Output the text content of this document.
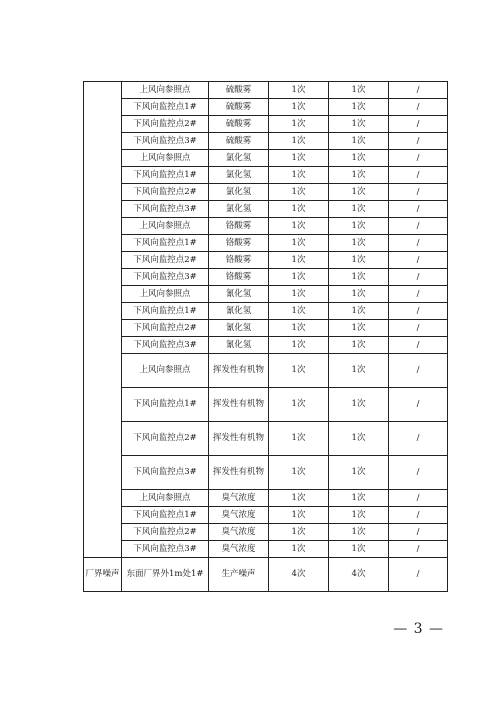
	上风向参照点	硫酸雾	1次	1次	/
	下风向监控点1#	硫酸雾	1次	1次	/
	下风向监控点2#	硫酸雾	1次	1次	/
	下风向监控点3#	硫酸雾	1次	1次	/
	上风向参照点	氯化氢	1次	1次	/
	下风向监控点1#	氯化氢	1次	1次	/
	下风向监控点2#	氯化氢	1次	1次	/
	下风向监控点3#	氯化氢	1次	1次	/
	上风向参照点	铬酸雾	1次	1次	/
	下风向监控点1#	铬酸雾	1次	1次	/
	下风向监控点2#	铬酸雾	1次	1次	/
	下风向监控点3#	铬酸雾	1次	1次	/
	上风向参照点	氰化氢	1次	1次	/
	下风向监控点1#	氰化氢	1次	1次	/
	下风向监控点2#	氰化氢	1次	1次	/
	下风向监控点3#	氰化氢	1次	1次	/
	上风向参照点	挥发性有机物	1次	1次	/
	下风向监控点1#	挥发性有机物	1次	1次	/
	下风向监控点2#	挥发性有机物	1次	1次	/
	下风向监控点3#	挥发性有机物	1次	1次	/
	上风向参照点	臭气浓度	1次	1次	/
	下风向监控点1#	臭气浓度	1次	1次	/
	下风向监控点2#	臭气浓度	1次	1次	/
	下风向监控点3#	臭气浓度	1次	1次	/
厂界噪声	东面厂界外1m处1#	生产噪声	4次	4次	/
— 3 —
